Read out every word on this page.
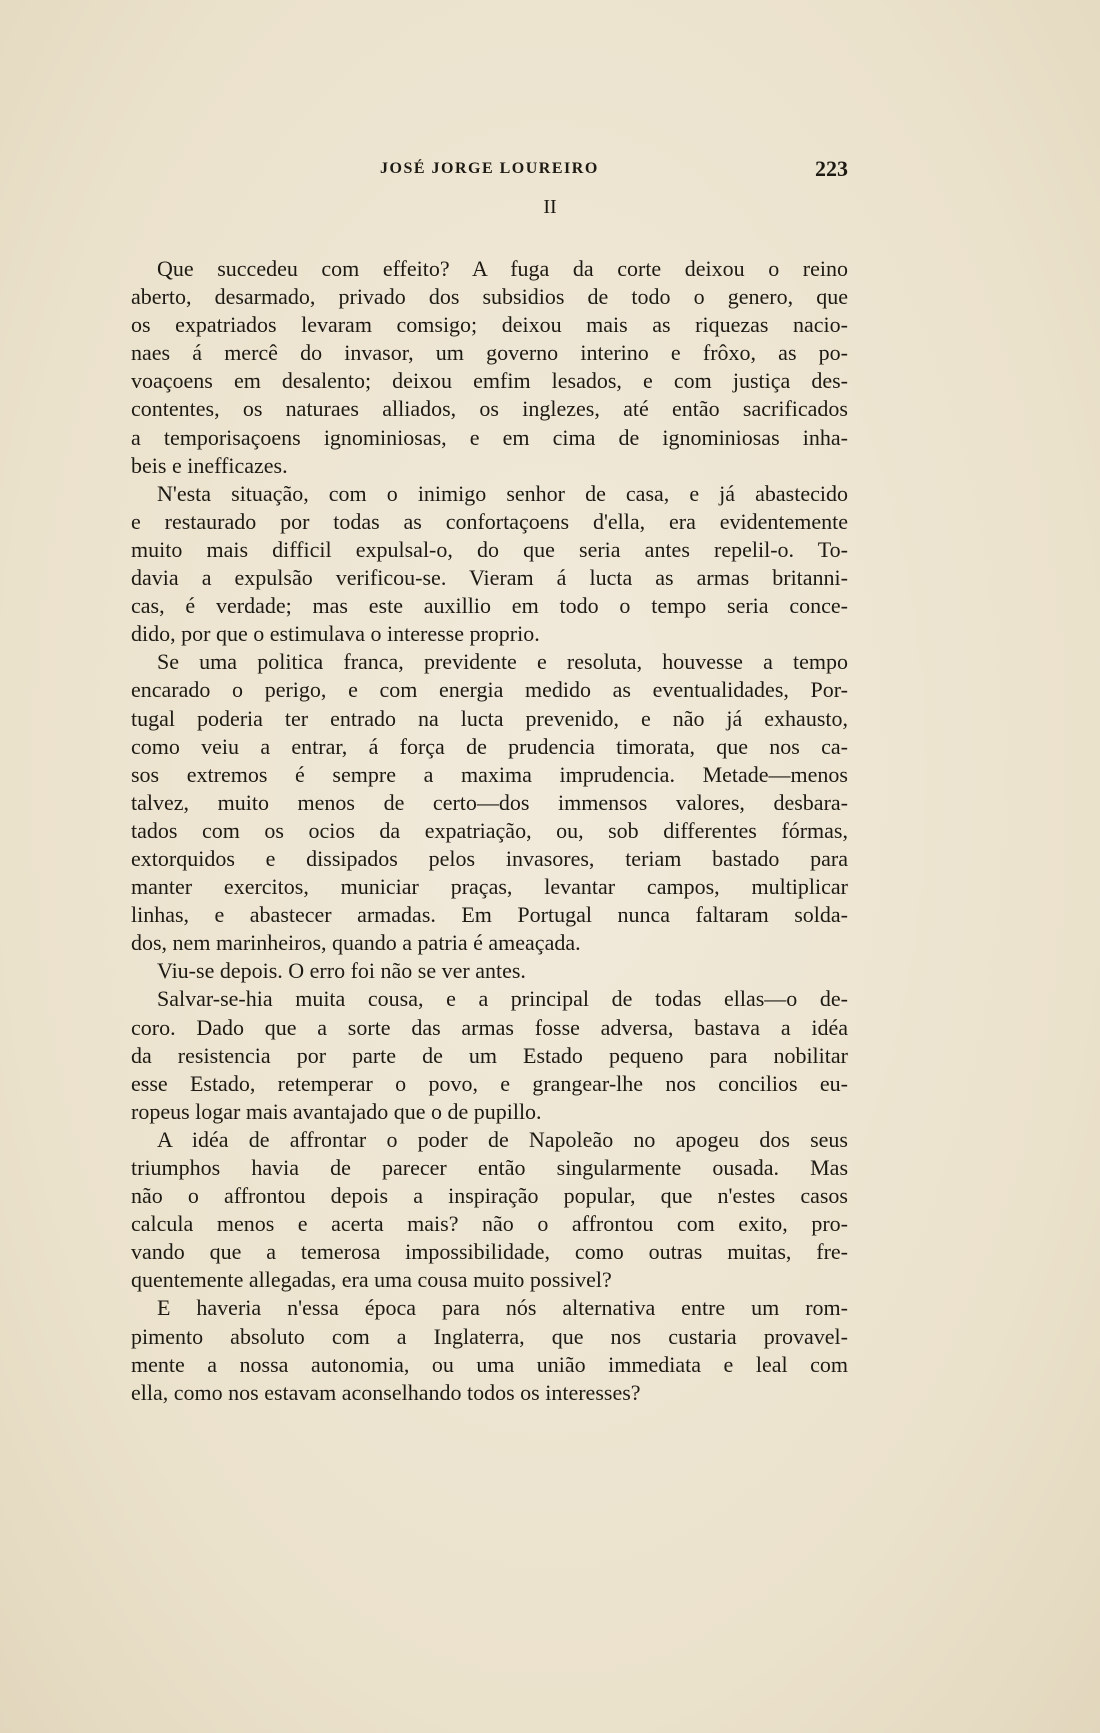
JOSÉ JORGE LOUREIRO	223
II
Que succedeu com effeito? A fuga da corte deixou o reino
aberto, desarmado, privado dos subsidios de todo o genero, que
os expatriados levaram comsigo; deixou mais as riquezas nacio-
naes á mercê do invasor, um governo interino e frôxo, as po-
voaçoens em desalento; deixou emfim lesados, e com justiça des-
contentes, os naturaes alliados, os inglezes, até então sacrificados
a temporisaçoens ignominiosas, e em cima de ignominiosas inha-
beis e inefficazes.
N'esta situação, com o inimigo senhor de casa, e já abastecido
e restaurado por todas as confortaçoens d'ella, era evidentemente
muito mais difficil expulsal-o, do que seria antes repelil-o. To-
davia a expulsão verificou-se. Vieram á lucta as armas britanni-
cas, é verdade; mas este auxillio em todo o tempo seria conce-
dido, por que o estimulava o interesse proprio.
Se uma politica franca, previdente e resoluta, houvesse a tempo
encarado o perigo, e com energia medido as eventualidades, Por-
tugal poderia ter entrado na lucta prevenido, e não já exhausto,
como veiu a entrar, á força de prudencia timorata, que nos ca-
sos extremos é sempre a maxima imprudencia. Metade—menos
talvez, muito menos de certo—dos immensos valores, desbara-
tados com os ocios da expatriação, ou, sob differentes fórmas,
extorquidos e dissipados pelos invasores, teriam bastado para
manter exercitos, municiar praças, levantar campos, multiplicar
linhas, e abastecer armadas. Em Portugal nunca faltaram solda-
dos, nem marinheiros, quando a patria é ameaçada.
Viu-se depois. O erro foi não se ver antes.
Salvar-se-hia muita cousa, e a principal de todas ellas—o de-
coro. Dado que a sorte das armas fosse adversa, bastava a idéa
da resistencia por parte de um Estado pequeno para nobilitar
esse Estado, retemperar o povo, e grangear-lhe nos concilios eu-
ropeus logar mais avantajado que o de pupillo.
A idéa de affrontar o poder de Napoleão no apogeu dos seus
triumphos havia de parecer então singularmente ousada. Mas
não o affrontou depois a inspiração popular, que n'estes casos
calcula menos e acerta mais? não o affrontou com exito, pro-
vando que a temerosa impossibilidade, como outras muitas, fre-
quentemente allegadas, era uma cousa muito possivel?
E haveria n'essa época para nós alternativa entre um rom-
pimento absoluto com a Inglaterra, que nos custaria provavel-
mente a nossa autonomia, ou uma união immediata e leal com
ella, como nos estavam aconselhando todos os interesses?
